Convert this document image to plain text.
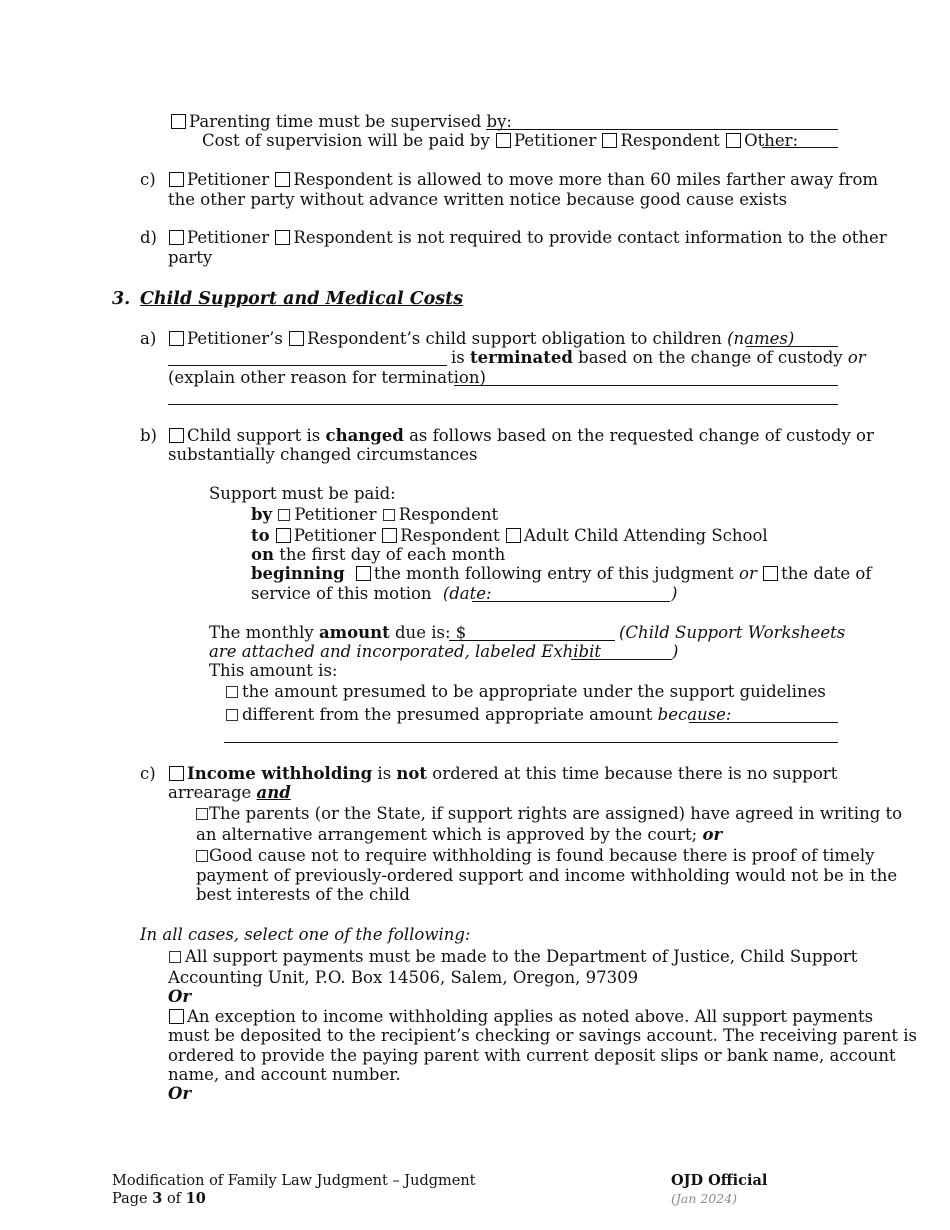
Parenting time must be supervised by:
Cost of supervision will be paid by Petitioner Respondent Other:
c)	Petitioner Respondent is allowed to move more than 60 miles farther away from
the other party without advance written notice because good cause exists
d)	Petitioner Respondent is not required to provide contact information to the other
party
3. Child Support and Medical Costs
a)	Petitioner’s Respondent’s child support obligation to children (names)
is terminated based on the change of custody or
(explain other reason for termination)
b)	Child support is changed as follows based on the requested change of custody or
substantially changed circumstances
Support must be paid:
by Petitioner Respondent
to Petitioner Respondent Adult Child Attending School
on the first day of each month
beginning the month following entry of this judgment or the date of
service of this motion (date:	)
The monthly amount due is: $	(Child Support Worksheets
are attached and incorporated, labeled Exhibit	)
This amount is:
the amount presumed to be appropriate under the support guidelines
different from the presumed appropriate amount because:
c)	Income withholding is not ordered at this time because there is no support
arrearage and
The parents (or the State, if support rights are assigned) have agreed in writing to
an alternative arrangement which is approved by the court; or
Good cause not to require withholding is found because there is proof of timely
payment of previously-ordered support and income withholding would not be in the
best interests of the child
In all cases, select one of the following:
All support payments must be made to the Department of Justice, Child Support
Accounting Unit, P.O. Box 14506, Salem, Oregon, 97309
Or
An exception to income withholding applies as noted above. All support payments
must be deposited to the recipient’s checking or savings account. The receiving parent is
ordered to provide the paying parent with current deposit slips or bank name, account
name, and account number.
Or
Modification of Family Law Judgment – Judgment
Page 3 of 10
OJD Official
(Jan 2024)
